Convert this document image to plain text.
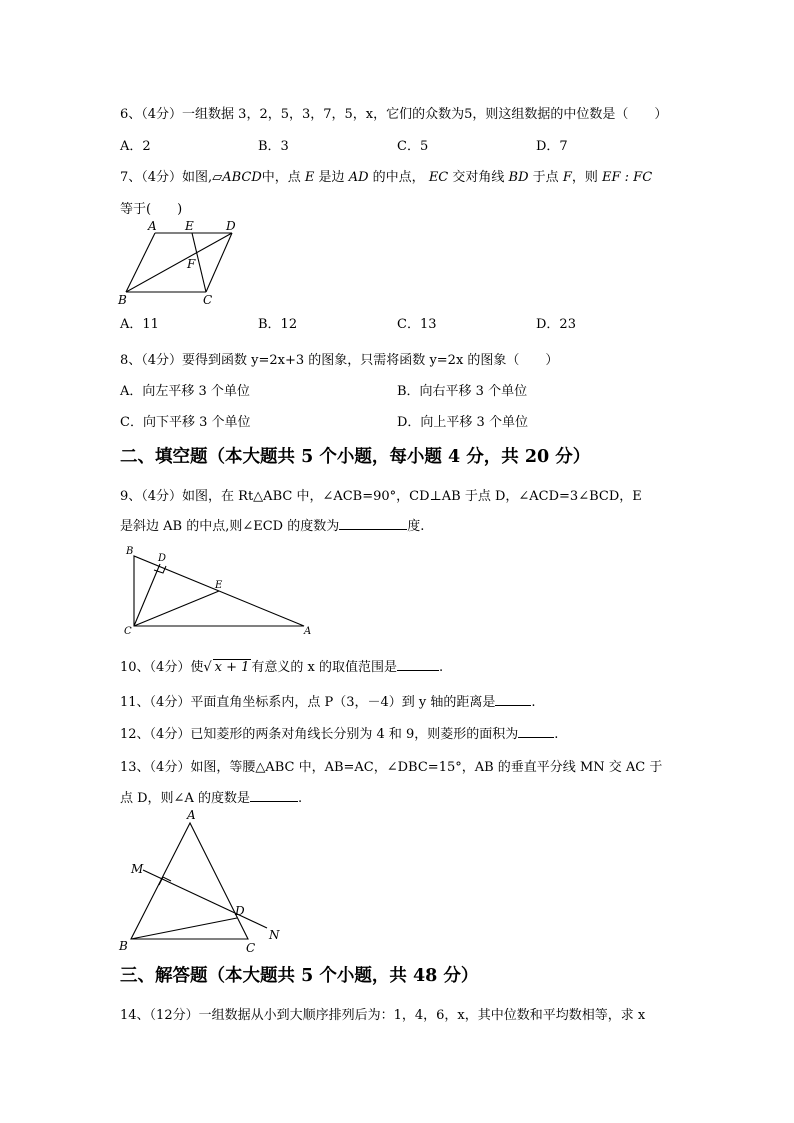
6、（4分）一组数据 3，2，5，3，7，5，x，它们的众数为5，则这组数据的中位数是（　　）
A．2	B．3	C．5	D．7
7、（4分）如图,▱ABCD中，点 E 是边 AD 的中点， EC 交对角线 BD 于点 F，则 EF : FC
等于(　　)
A E	D
F
B	C
A．11	B．12	C．13	D．23
8、（4分）要得到函数 y=2x+3 的图象，只需将函数 y=2x 的图象（　　）
A．向左平移 3 个单位	B．向右平移 3 个单位
C．向下平移 3 个单位	D．向上平移 3 个单位
二、填空题（本大题共 5 个小题，每小题 4 分，共 20 分）
9、（4分）如图，在 Rt△ABC 中，∠ACB=90°，CD⊥AB 于点 D，∠ACD=3∠BCD，E
是斜边 AB 的中点,则∠ECD 的度数为	度.
B
D
E
C	A
10、（4分）使√ x + 1 有意义的 x 的取值范围是	.
11、（4分）平面直角坐标系内，点 P（3，－4）到 y 轴的距离是	.
12、（4分）已知菱形的两条对角线长分别为 4 和 9，则菱形的面积为	.
13、（4分）如图，等腰△ABC 中，AB=AC，∠DBC=15°，AB 的垂直平分线 MN 交 AC 于
点 D，则∠A 的度数是	.
A
M
D
N
B	C
三、解答题（本大题共 5 个小题，共 48 分）
14、（12分）一组数据从小到大顺序排列后为：1，4，6，x，其中位数和平均数相等，求 x
